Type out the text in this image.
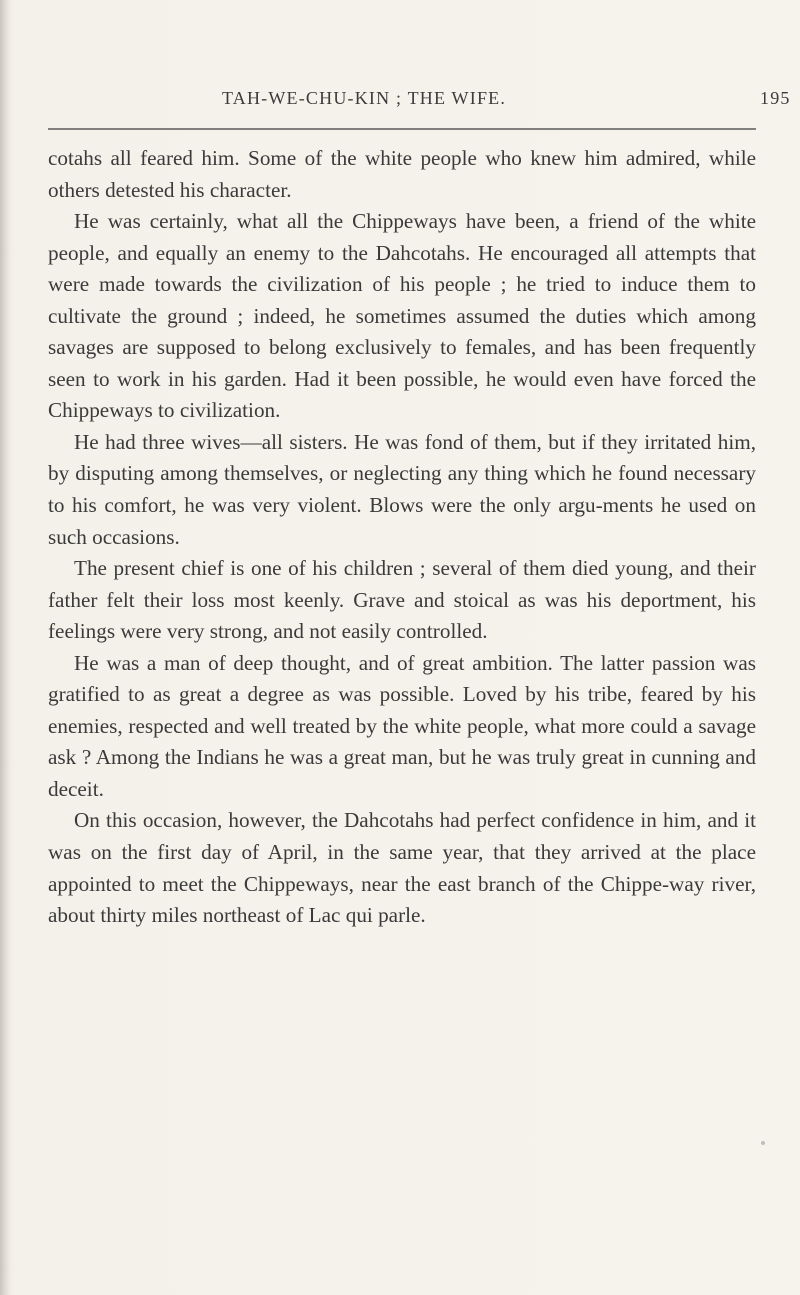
TAH-WE-CHU-KIN ; THE WIFE.	195

cotahs all feared him. Some of the white people who knew him admired, while others detested his character.

He was certainly, what all the Chippeways have been, a friend of the white people, and equally an enemy to the Dahcotahs. He encouraged all attempts that were made towards the civilization of his people ; he tried to induce them to cultivate the ground ; indeed, he sometimes assumed the duties which among savages are supposed to belong exclusively to females, and has been frequently seen to work in his garden. Had it been possible, he would even have forced the Chippeways to civilization.

He had three wives—all sisters. He was fond of them, but if they irritated him, by disputing among themselves, or neglecting any thing which he found necessary to his comfort, he was very violent. Blows were the only argu-ments he used on such occasions.

The present chief is one of his children ; several of them died young, and their father felt their loss most keenly. Grave and stoical as was his deportment, his feelings were very strong, and not easily controlled.

He was a man of deep thought, and of great ambition. The latter passion was gratified to as great a degree as was possible. Loved by his tribe, feared by his enemies, respected and well treated by the white people, what more could a savage ask ? Among the Indians he was a great man, but he was truly great in cunning and deceit.

On this occasion, however, the Dahcotahs had perfect confidence in him, and it was on the first day of April, in the same year, that they arrived at the place appointed to meet the Chippeways, near the east branch of the Chippe-way river, about thirty miles northeast of Lac qui parle.
